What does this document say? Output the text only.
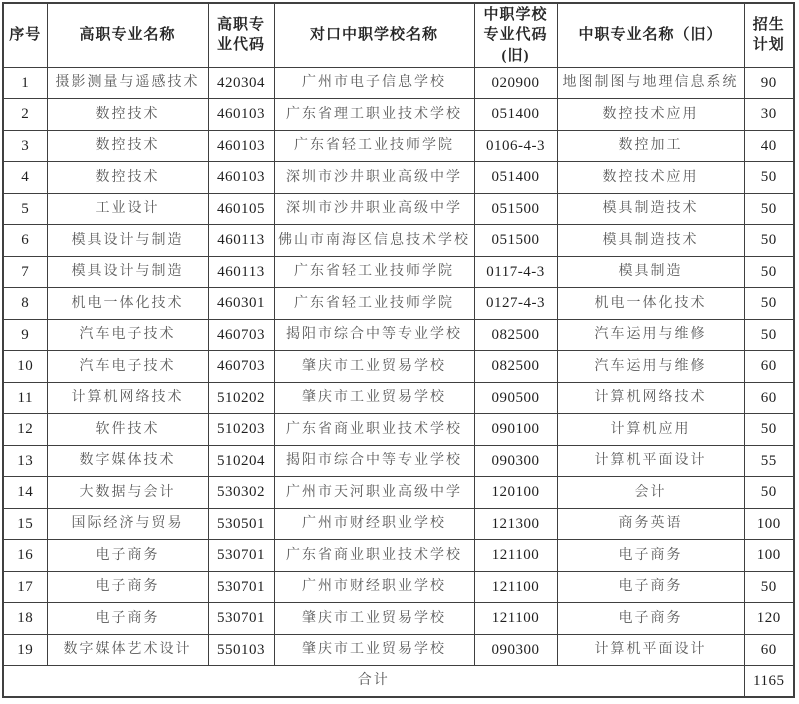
序号	高职专业名称	高职专业代码	对口中职学校名称	中职学校专业代码(旧)	中职专业名称（旧）	招生计划
1	摄影测量与遥感技术	420304	广州市电子信息学校	020900	地图制图与地理信息系统	90
2	数控技术	460103	广东省理工职业技术学校	051400	数控技术应用	30
3	数控技术	460103	广东省轻工业技师学院	0106-4-3	数控加工	40
4	数控技术	460103	深圳市沙井职业高级中学	051400	数控技术应用	50
5	工业设计	460105	深圳市沙井职业高级中学	051500	模具制造技术	50
6	模具设计与制造	460113	佛山市南海区信息技术学校	051500	模具制造技术	50
7	模具设计与制造	460113	广东省轻工业技师学院	0117-4-3	模具制造	50
8	机电一体化技术	460301	广东省轻工业技师学院	0127-4-3	机电一体化技术	50
9	汽车电子技术	460703	揭阳市综合中等专业学校	082500	汽车运用与维修	50
10	汽车电子技术	460703	肇庆市工业贸易学校	082500	汽车运用与维修	60
11	计算机网络技术	510202	肇庆市工业贸易学校	090500	计算机网络技术	60
12	软件技术	510203	广东省商业职业技术学校	090100	计算机应用	50
13	数字媒体技术	510204	揭阳市综合中等专业学校	090300	计算机平面设计	55
14	大数据与会计	530302	广州市天河职业高级中学	120100	会计	50
15	国际经济与贸易	530501	广州市财经职业学校	121300	商务英语	100
16	电子商务	530701	广东省商业职业技术学校	121100	电子商务	100
17	电子商务	530701	广州市财经职业学校	121100	电子商务	50
18	电子商务	530701	肇庆市工业贸易学校	121100	电子商务	120
19	数字媒体艺术设计	550103	肇庆市工业贸易学校	090300	计算机平面设计	60
合计						1165
